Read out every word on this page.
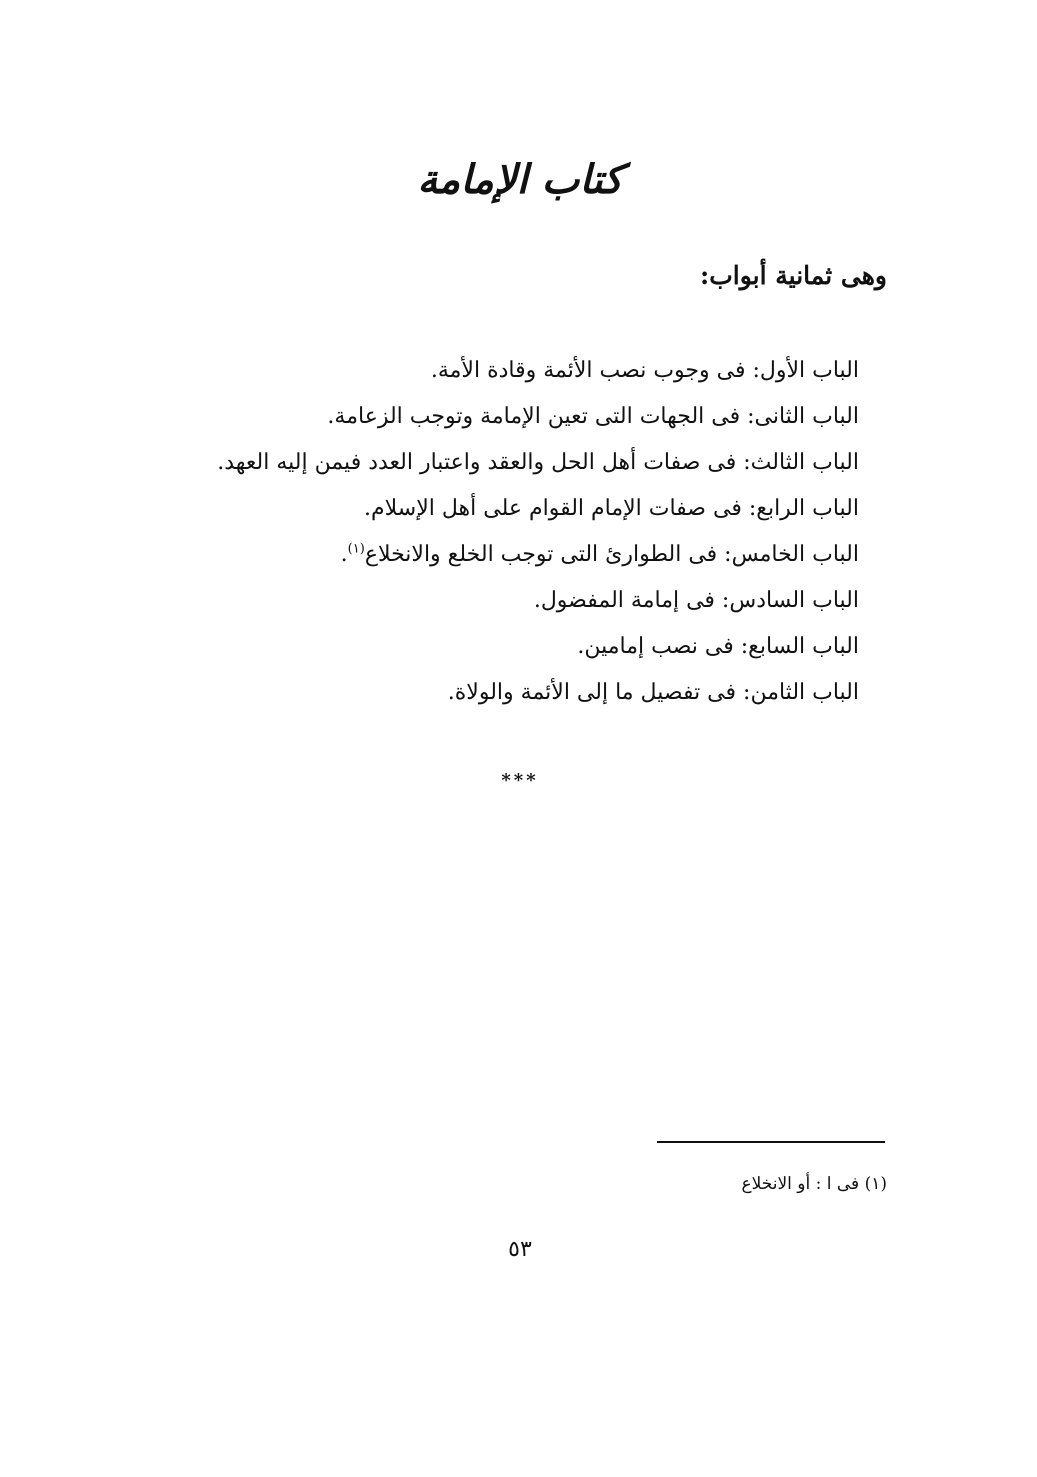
كتاب الإمامة
وهى ثمانية أبواب:
الباب الأول: فى وجوب نصب الأئمة وقادة الأمة.
الباب الثانى: فى الجهات التى تعين الإمامة وتوجب الزعامة.
الباب الثالث: فى صفات أهل الحل والعقد واعتبار العدد فيمن إليه العهد.
الباب الرابع: فى صفات الإمام القوام على أهل الإسلام.
الباب الخامس: فى الطوارئ التى توجب الخلع والانخلاع$^{(١)}$.
الباب السادس: فى إمامة المفضول.
الباب السابع: فى نصب إمامين.
الباب الثامن: فى تفصيل ما إلى الأئمة والولاة.
***
(١) فى ا : أو الانخلاع
٥٣
